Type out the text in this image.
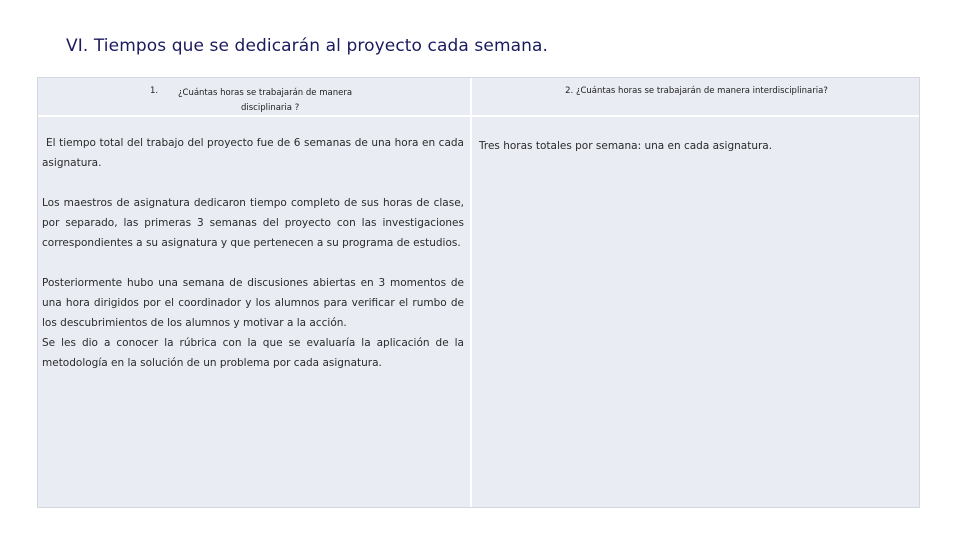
VI. Tiempos que se dedicarán al proyecto cada semana.
1. ¿Cuántas horas se trabajarán de manera
disciplinaria ?
2. ¿Cuántas horas se trabajarán de manera interdisciplinaria?

El tiempo total del trabajo del proyecto fue de 6 semanas de una hora en cada asignatura.

Los maestros de asignatura dedicaron tiempo completo de sus horas de clase, por separado, las primeras 3 semanas del proyecto con las investigaciones correspondientes a su asignatura y que pertenecen a su programa de estudios.

Posteriormente hubo una semana de discusiones abiertas en 3 momentos de una hora dirigidos por el coordinador y los alumnos para verificar el rumbo de los descubrimientos de los alumnos y motivar a la acción.

Se les dio a conocer la rúbrica con la que se evaluaría la aplicación de la metodología en la solución de un problema por cada asignatura.

Tres horas totales por semana: una en cada asignatura.
